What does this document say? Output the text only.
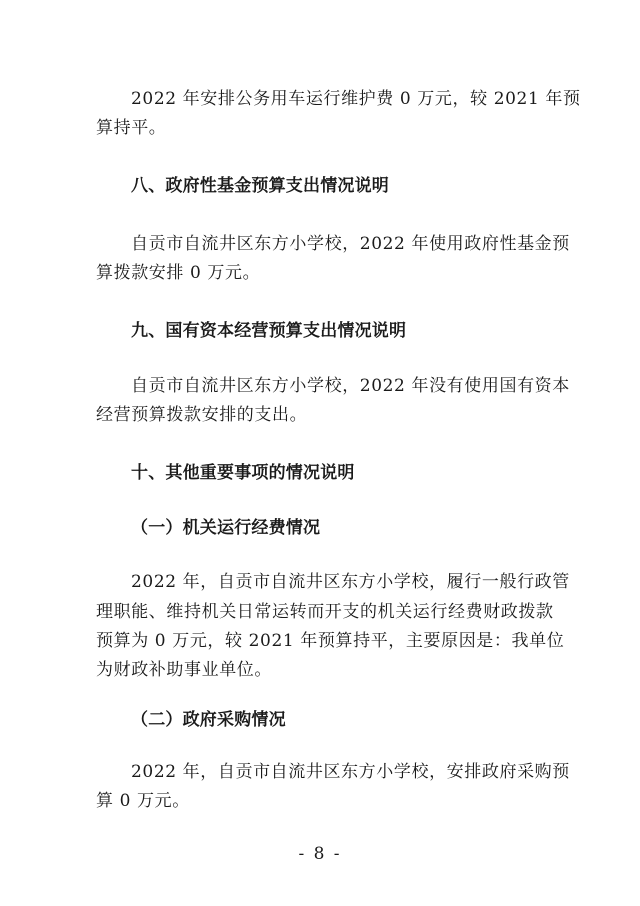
2022 年安排公务用车运行维护费 0 万元，较 2021 年预
算持平。
八、政府性基金预算支出情况说明
自贡市自流井区东方小学校，2022 年使用政府性基金预
算拨款安排 0 万元。
九、国有资本经营预算支出情况说明
自贡市自流井区东方小学校，2022 年没有使用国有资本
经营预算拨款安排的支出。
十、其他重要事项的情况说明
（一）机关运行经费情况
2022 年，自贡市自流井区东方小学校，履行一般行政管
理职能、维持机关日常运转而开支的机关运行经费财政拨款
预算为 0 万元，较 2021 年预算持平，主要原因是：我单位
为财政补助事业单位。
（二）政府采购情况
2022 年，自贡市自流井区东方小学校，安排政府采购预
算 0 万元。
- 8 -
